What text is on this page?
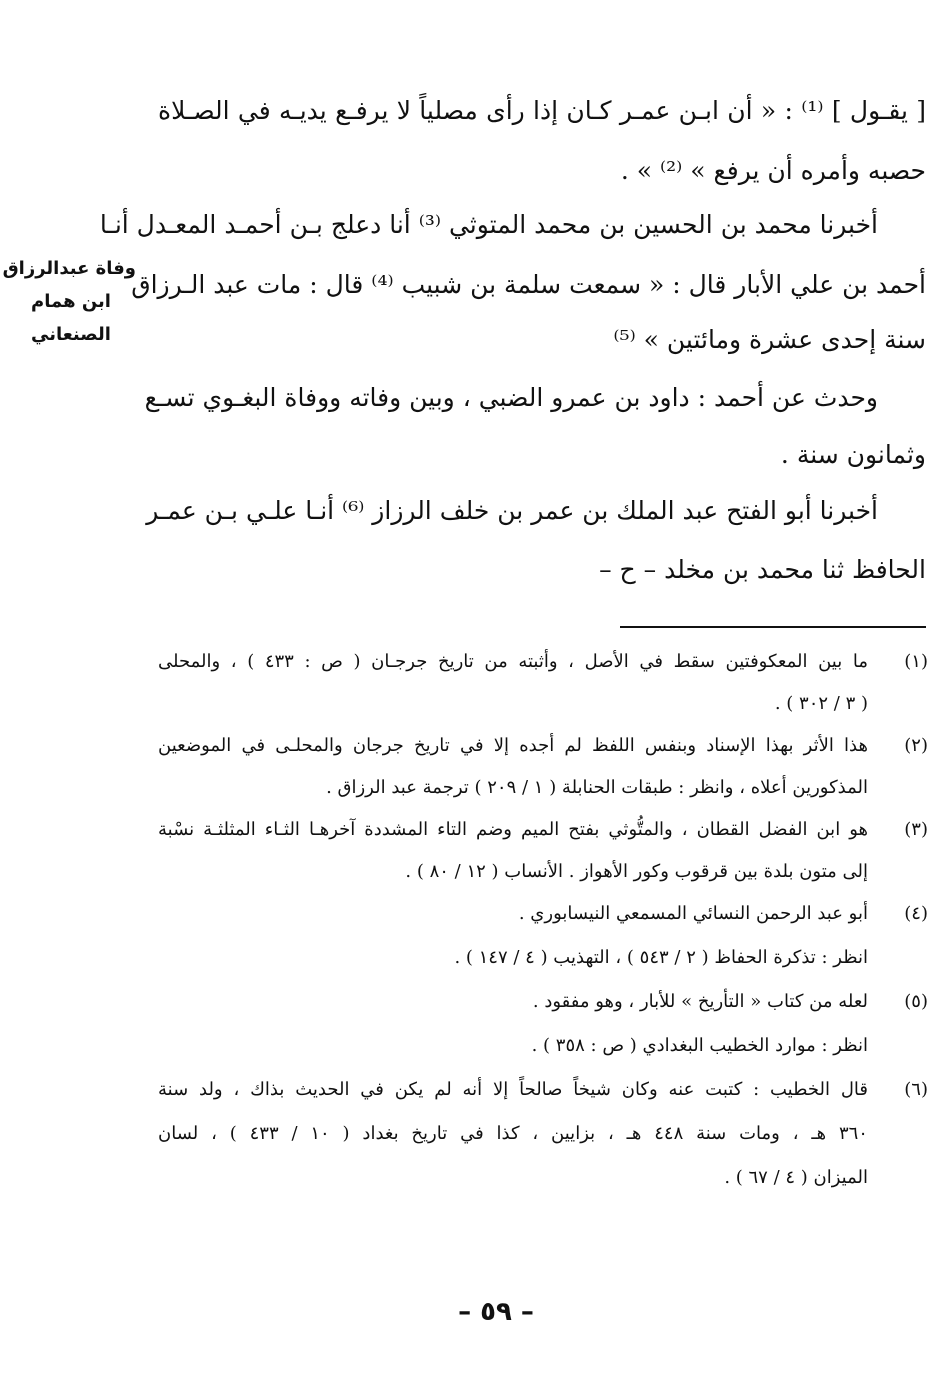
[ يقـول ] ⁽¹⁾ : « أن ابـن عمـر كـان إذا رأى مصلياً لا يرفـع يديـه في الصـلاة
حصبه وأمره أن يرفع » ⁽²⁾ » .
أخبرنا محمد بن الحسين بن محمد المتوثي ⁽³⁾ أنا دعلج بـن أحمـد المعـدل أنـا
أحمد بن علي الأبار قال : « سمعت سلمة بن شبيب ⁽⁴⁾ قال : مات عبد الـرزاق
سنة إحدى عشرة ومائتين » ⁽⁵⁾
وحدث عن أحمد : داود بن عمرو الضبي ، وبين وفاته ووفاة البغـوي تسـع
وثمانون سنة .
أخبرنا أبو الفتح عبد الملك بن عمر بن خلف الرزاز ⁽⁶⁾ أنـا علـي بـن عمـر
الحافظ ثنا محمد بن مخلد – ح –
وفاة عبدالرزاق
ابن همام
الصنعاني
(١)
(٢)
(٣)
(٤)
(٥)
(٦)
ما بين المعكوفتين سقط في الأصل ، وأثبته من تاريخ جرجـان ( ص : ٤٣٣ ) ، والمحلى
( ٣ / ٣٠٢ ) .
هذا الأثر بهذا الإسناد وبنفس اللفظ لم أجده إلا في تاريخ جرجان والمحلـى في الموضعين
المذكورين أعلاه ، وانظر : طبقات الحنابلة ( ١ / ٢٠٩ ) ترجمة عبد الرزاق .
هو ابن الفضل القطان ، والمتُّوثي بفتح الميم وضم التاء المشددة آخرهـا الثـاء المثلثـة نسْبة
إلى متون بلدة بين قرقوب وكور الأهواز . الأنساب ( ١٢ / ٨٠ ) .
أبو عبد الرحمن النسائي المسمعي النيسابوري .
انظر : تذكرة الحفاظ ( ٢ / ٥٤٣ ) ، التهذيب ( ٤ / ١٤٧ ) .
لعله من كتاب « التأريخ » للأبار ، وهو مفقود .
انظر : موارد الخطيب البغدادي ( ص : ٣٥٨ ) .
قال الخطيب : كتبت عنه وكان شيخاً صالحاً إلا أنه لم يكن في الحديث بذاك ، ولد سنة
٣٦٠ هـ ، ومات سنة ٤٤٨ هـ ، بزايين ، كذا في تاريخ بغداد ( ١٠ / ٤٣٣ ) ، لسان
الميزان ( ٤ / ٦٧ ) .
– ٥٩ –
